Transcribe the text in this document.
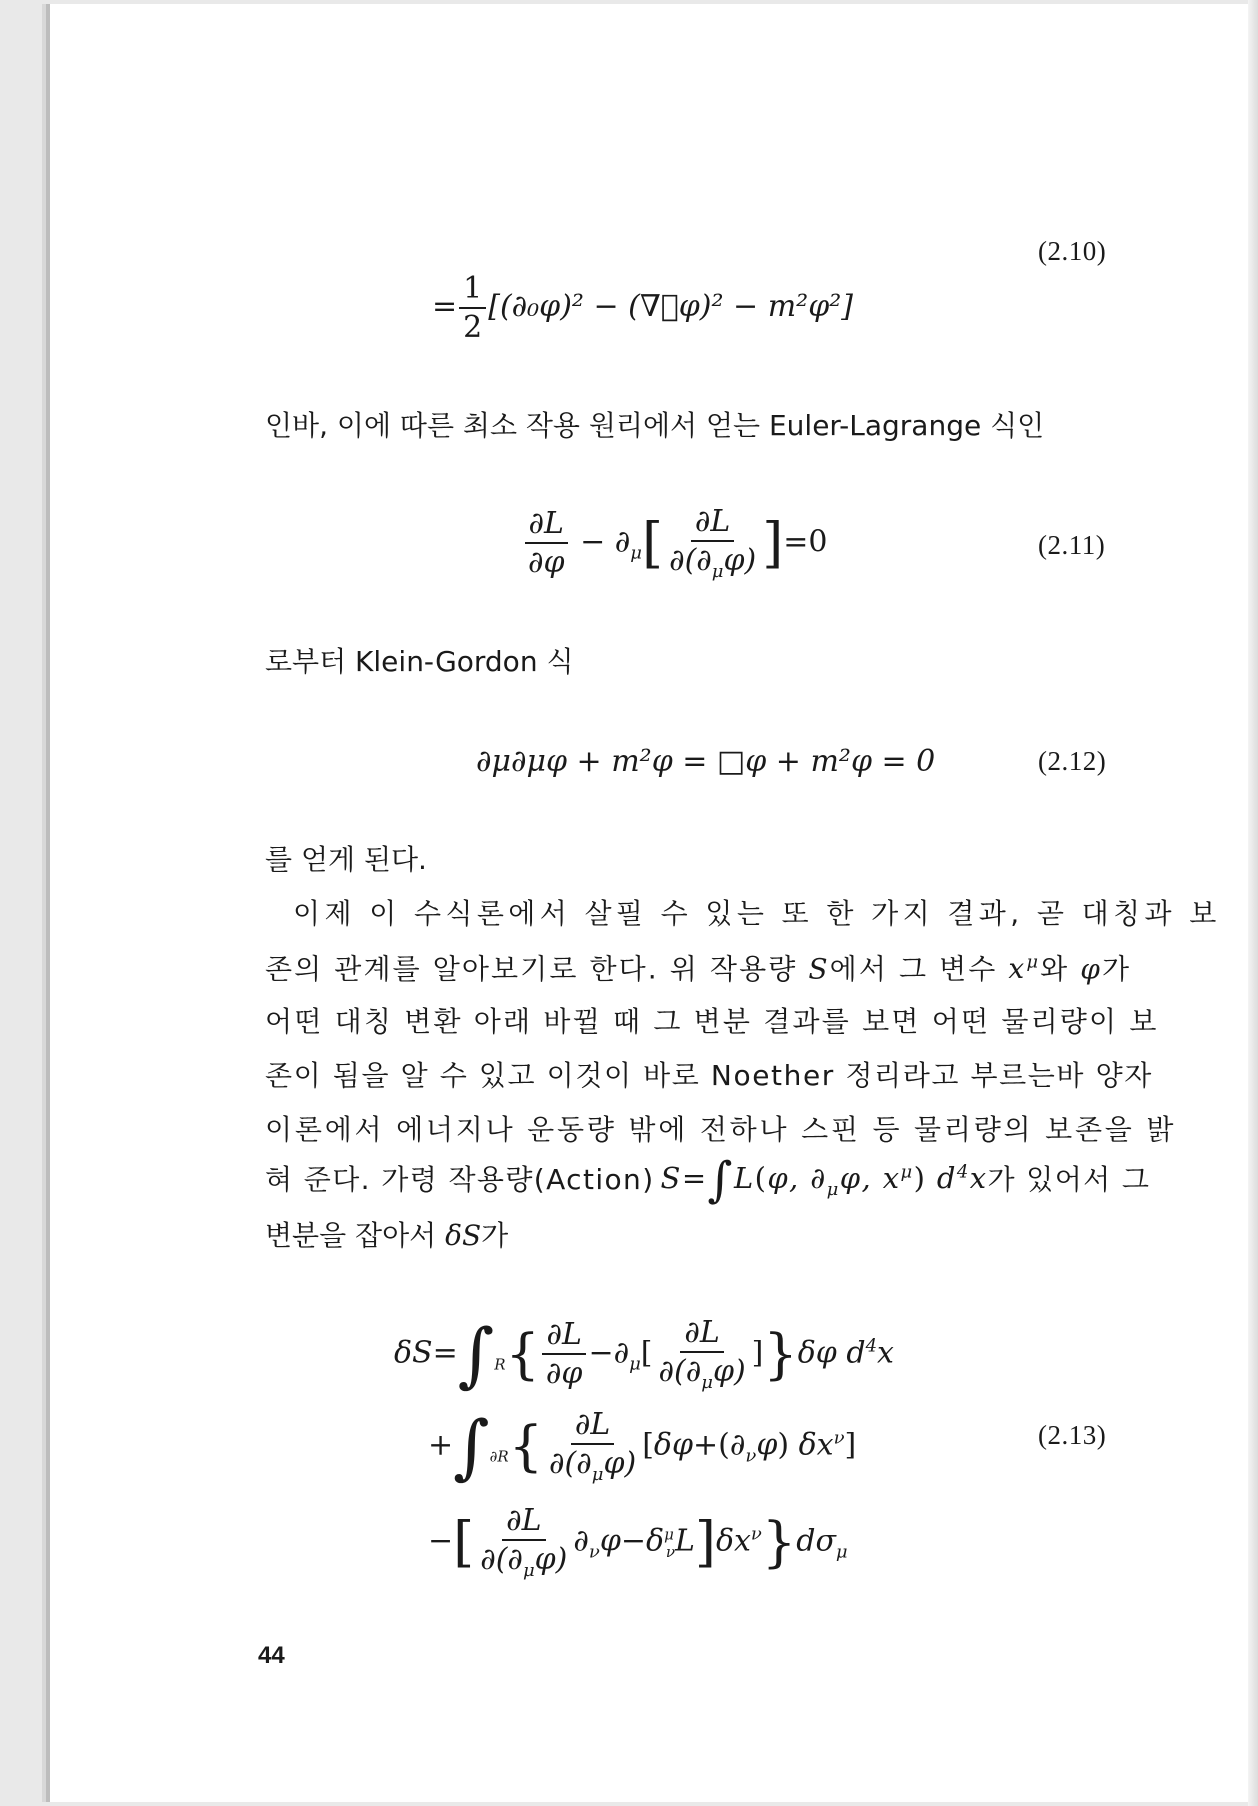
(2.10)
= $\frac{1}{2} [(\partial_0\varphi)^2$ − (∇⃗φ)² − m²φ²]
인바, 이에 따른 최소 작용 원리에서 얻는 Euler-Lagrange 식인
$\frac{\partial L}{\partial\varphi} - \partial_\mu[ \frac{\partial L}{\partial(\partial_\mu\varphi)} ]=0$	(2.11)
로부터 Klein-Gordon 식
∂μ∂μφ + m²φ = □φ + m²φ = 0	(2.12)
를 얻게 된다.
이제 이 수식론에서 살필 수 있는 또 한 가지 결과, 곧 대칭과 보
존의 관계를 알아보기로 한다. 위 작용량 S에서 그 변수 $x^\mu$와 φ가
어떤 대칭 변환 아래 바뀔 때 그 변분 결과를 보면 어떤 물리량이 보
존이 됨을 알 수 있고 이것이 바로 Noether 정리라고 부르는바 양자
이론에서 에너지나 운동량 밖에 전하나 스핀 등 물리량의 보존을 밝
혀 준다. 가령 작용량(Action) S=∫L(φ, $\partial_\mu\varphi$, $x^\mu$) $d^4x$ 가 있어서 그
변분을 잡아서 δS가
$\delta S=\int_R\{ \frac{\partial L}{\partial\varphi} -\partial_\mu[ \frac{\partial L}{\partial(\partial_\mu\varphi)} ]\}\delta\varphi$ $d^4x$
$+\int_{\partial R}\{ \frac{\partial L}{\partial(\partial_\mu\varphi)} [\delta\varphi+(\partial_\nu\varphi)$ $\delta x^\nu$]	(2.13)
−[ $\frac{\partial L}{\partial(\partial_\mu\varphi)} \partial_\nu\varphi-\delta^\mu_\nu L]\delta x^\nu\}d\sigma_\mu$
44
